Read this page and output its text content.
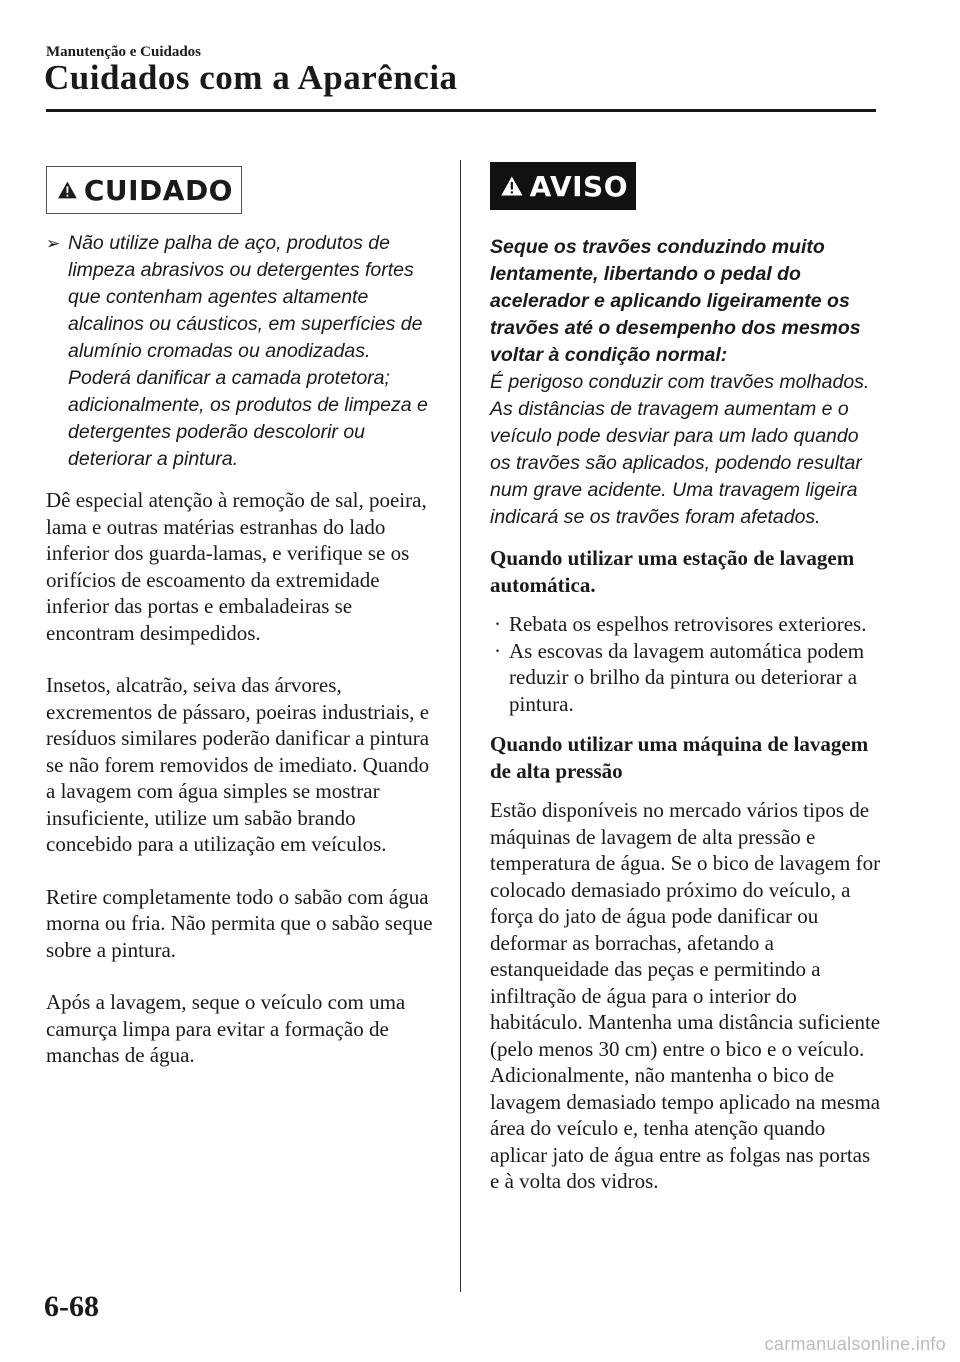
Manutenção e Cuidados
Cuidados com a Aparência
CUIDADO
➢ Não utilize palha de aço, produtos de limpeza abrasivos ou detergentes fortes que contenham agentes altamente alcalinos ou cáusticos, em superfícies de alumínio cromadas ou anodizadas. Poderá danificar a camada protetora; adicionalmente, os produtos de limpeza e detergentes poderão descolorir ou deteriorar a pintura.

Dê especial atenção à remoção de sal, poeira, lama e outras matérias estranhas do lado inferior dos guarda-lamas, e verifique se os orifícios de escoamento da extremidade inferior das portas e embaladeiras se encontram desimpedidos.

Insetos, alcatrão, seiva das árvores, excrementos de pássaro, poeiras industriais, e resíduos similares poderão danificar a pintura se não forem removidos de imediato. Quando a lavagem com água simples se mostrar insuficiente, utilize um sabão brando concebido para a utilização em veículos.

Retire completamente todo o sabão com água morna ou fria. Não permita que o sabão seque sobre a pintura.

Após a lavagem, seque o veículo com uma camurça limpa para evitar a formação de manchas de água.

AVISO
Seque os travões conduzindo muito lentamente, libertando o pedal do acelerador e aplicando ligeiramente os travões até o desempenho dos mesmos voltar à condição normal:
É perigoso conduzir com travões molhados. As distâncias de travagem aumentam e o veículo pode desviar para um lado quando os travões são aplicados, podendo resultar num grave acidente. Uma travagem ligeira indicará se os travões foram afetados.

Quando utilizar uma estação de lavagem automática.

· Rebata os espelhos retrovisores exteriores.
· As escovas da lavagem automática podem reduzir o brilho da pintura ou deteriorar a pintura.

Quando utilizar uma máquina de lavagem de alta pressão

Estão disponíveis no mercado vários tipos de máquinas de lavagem de alta pressão e temperatura de água. Se o bico de lavagem for colocado demasiado próximo do veículo, a força do jato de água pode danificar ou deformar as borrachas, afetando a estanqueidade das peças e permitindo a infiltração de água para o interior do habitáculo. Mantenha uma distância suficiente (pelo menos 30 cm) entre o bico e o veículo. Adicionalmente, não mantenha o bico de lavagem demasiado tempo aplicado na mesma área do veículo e, tenha atenção quando aplicar jato de água entre as folgas nas portas e à volta dos vidros.

6-68
carmanualsonline.info
